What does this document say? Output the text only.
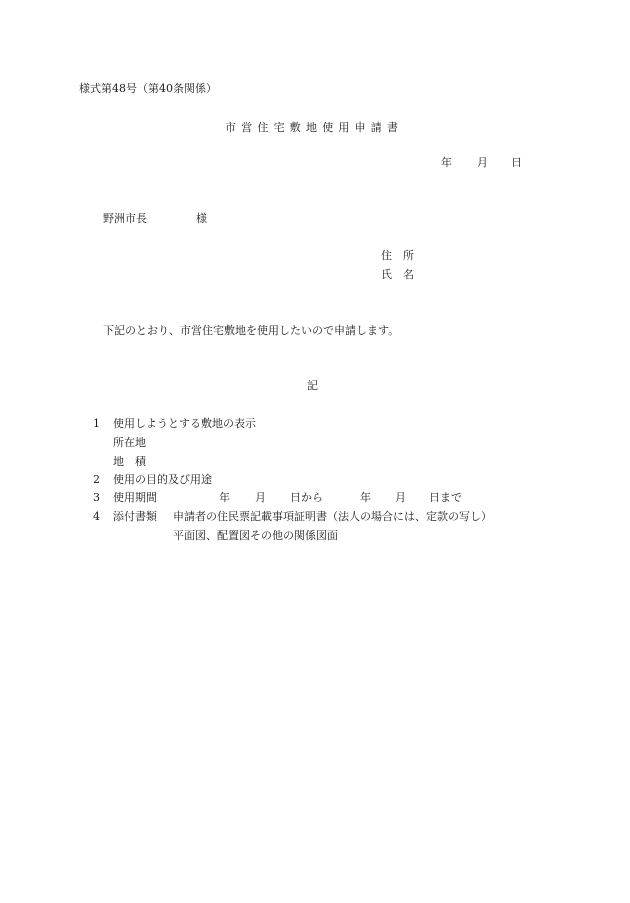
様式第48号（第40条関係）
市営住宅敷地使用申請書
年 月 日
野洲市長	様
住　所
氏　名
下記のとおり、市営住宅敷地を使用したいので申請します。
記
1 使用しようとする敷地の表示
所在地
地　積
2 使用の目的及び用途
3 使用期間	年 月 日から	年 月 日まで
4 添付書類 申請者の住民票記載事項証明書（法人の場合には、定款の写し）
平面図、配置図その他の関係図面
